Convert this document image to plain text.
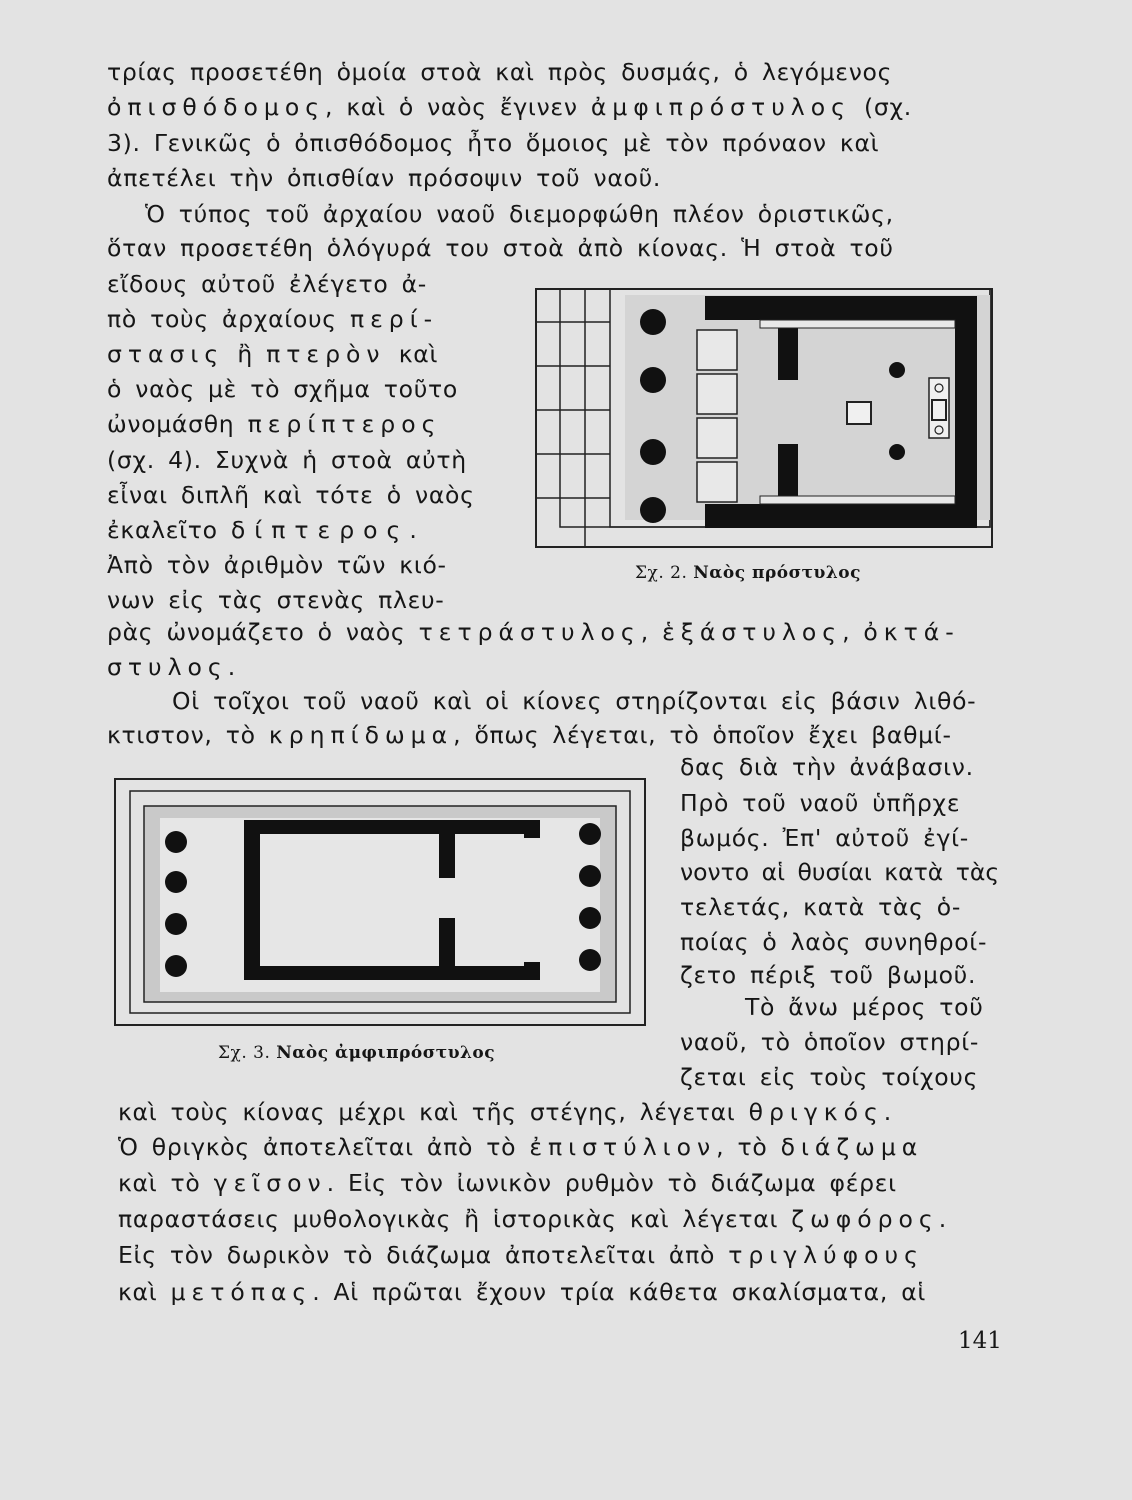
τρίας προσετέθη ὁμοία στοὰ καὶ πρὸς δυσμάς, ὁ λεγόμενος

ὀπισθόδομος, καὶ ὁ ναὸς ἔγινεν ἀμφιπρόστυλος (σχ.

3). Γενικῶς ὁ ὀπισθόδομος ἦτο ὅμοιος μὲ τὸν πρόναον καὶ

ἀπετέλει τὴν ὀπισθίαν πρόσοψιν τοῦ ναοῦ.

Ὁ τύπος τοῦ ἀρχαίου ναοῦ διεμορφώθη πλέον ὁριστικῶς,

ὅταν προσετέθη ὁλόγυρά του στοὰ ἀπὸ κίονας. Ἡ στοὰ τοῦ

εἴδους αὐτοῦ ἐλέγετο ἀ-

πὸ τοὺς ἀρχαίους περί-

στασις ἢ πτερὸν καὶ

ὁ ναὸς μὲ τὸ σχῆμα τοῦτο

ὠνομάσθη περίπτερος

(σχ. 4). Συχνὰ ἡ στοὰ αὐτὴ

εἶναι διπλῆ καὶ τότε ὁ ναὸς

ἐκαλεῖτο δίπτερος.

Ἀπὸ τὸν ἀριθμὸν τῶν κιό-

νων εἰς τὰς στενὰς πλευ-

ρὰς ὠνομάζετο ὁ ναὸς τετράστυλος, ἑξάστυλος, ὀκτά-

στυλος.

Οἱ τοῖχοι τοῦ ναοῦ καὶ οἱ κίονες στηρίζονται εἰς βάσιν λιθό-

κτιστον, τὸ κρηπίδωμα, ὅπως λέγεται, τὸ ὁποῖον ἔχει βαθμί-

δας διὰ τὴν ἀνάβασιν.

Πρὸ τοῦ ναοῦ ὑπῆρχε

βωμός. Ἐπ' αὐτοῦ ἐγί-

νοντο αἱ θυσίαι κατὰ τὰς

τελετάς, κατὰ τὰς ὁ-

ποίας ὁ λαὸς συνηθροί-

ζετο πέριξ τοῦ βωμοῦ.

Τὸ ἄνω μέρος τοῦ

ναοῦ, τὸ ὁποῖον στηρί-

ζεται εἰς τοὺς τοίχους

καὶ τοὺς κίονας μέχρι καὶ τῆς στέγης, λέγεται θριγκός.

Ὁ θριγκὸς ἀποτελεῖται ἀπὸ τὸ ἐπιστύλιον, τὸ διάζωμα

καὶ τὸ γεῖσον. Εἰς τὸν ἰωνικὸν ρυθμὸν τὸ διάζωμα φέρει

παραστάσεις μυθολογικὰς ἢ ἱστορικὰς καὶ λέγεται ζωφόρος.

Εἰς τὸν δωρικὸν τὸ διάζωμα ἀποτελεῖται ἀπὸ τριγλύφους

καὶ μετόπας. Αἱ πρῶται ἔχουν τρία κάθετα σκαλίσματα, αἱ

Σχ. 2. Ναὸς πρόστυλος

Σχ. 3. Ναὸς ἀμφιπρόστυλος

141
